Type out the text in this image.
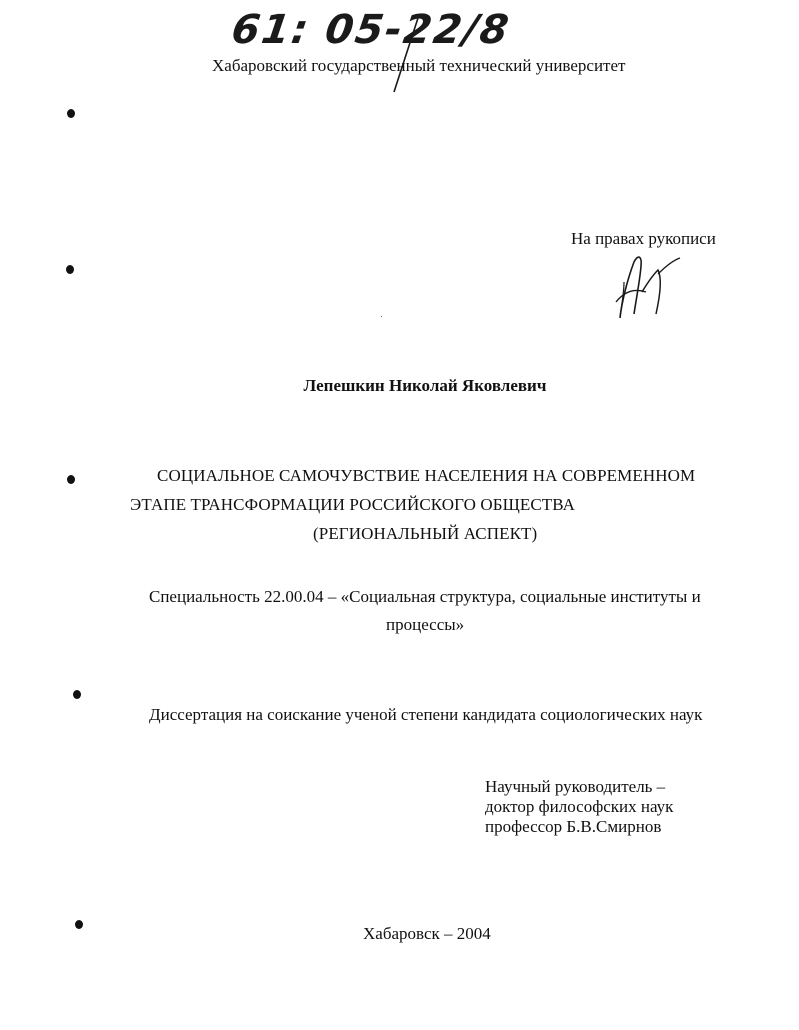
61: 05-22/8
Хабаровский государственный технический университет
На правах рукописи
Лепешкин Николай Яковлевич
СОЦИАЛЬНОЕ САМОЧУВСТВИЕ НАСЕЛЕНИЯ НА СОВРЕМЕННОМ
ЭТАПЕ ТРАНСФОРМАЦИИ РОССИЙСКОГО ОБЩЕСТВА
(РЕГИОНАЛЬНЫЙ АСПЕКТ)
Специальность 22.00.04 – «Социальная структура, социальные институты и
процессы»
Диссертация на соискание ученой степени кандидата социологических наук
Научный руководитель –
доктор философских наук
профессор Б.В.Смирнов
Хабаровск – 2004
